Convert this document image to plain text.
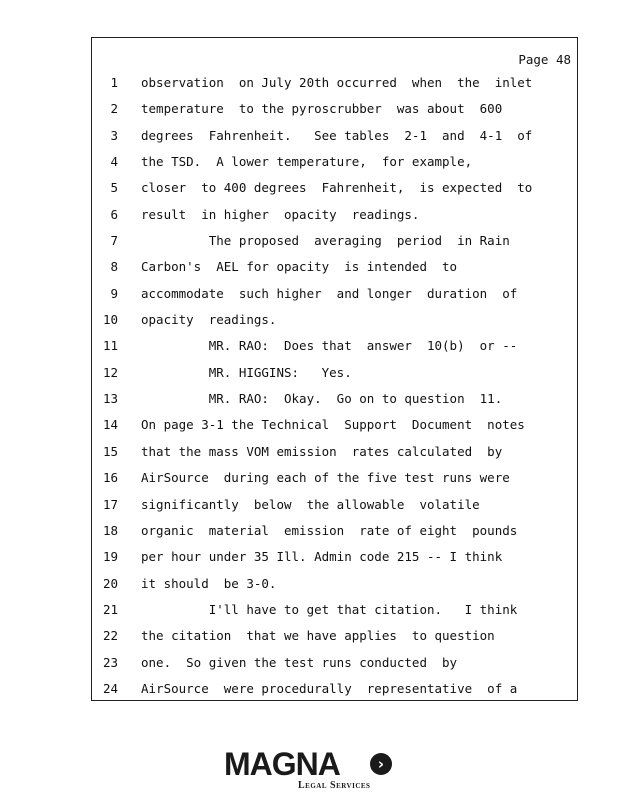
Page 48
1 observation  on July 20th occurred  when  the  inlet
2 temperature  to the pyroscrubber  was about  600
3 degrees  Fahrenheit.   See tables  2-1  and  4-1  of
4 the TSD.  A lower temperature,  for example,
5 closer  to 400 degrees  Fahrenheit,  is expected  to
6 result  in higher  opacity  readings.
7 The proposed  averaging  period  in Rain
8 Carbon's  AEL for opacity  is intended  to
9 accommodate  such higher  and longer  duration  of
10 opacity  readings.
11 MR. RAO:  Does that  answer  10(b)  or --
12 MR. HIGGINS:   Yes.
13 MR. RAO:  Okay.  Go on to question  11.
14 On page 3-1 the Technical  Support  Document  notes
15 that the mass VOM emission  rates calculated  by
16 AirSource  during each of the five test runs were
17 significantly  below  the allowable  volatile
18 organic  material  emission  rate of eight  pounds
19 per hour under 35 Ill. Admin code 215 -- I think
20 it should  be 3-0.
21 I'll have to get that citation.   I think
22 the citation  that we have applies  to question
23 one.  So given the test runs conducted  by
24 AirSource  were procedurally  representative  of a
MAGNA	›
Legal Services
